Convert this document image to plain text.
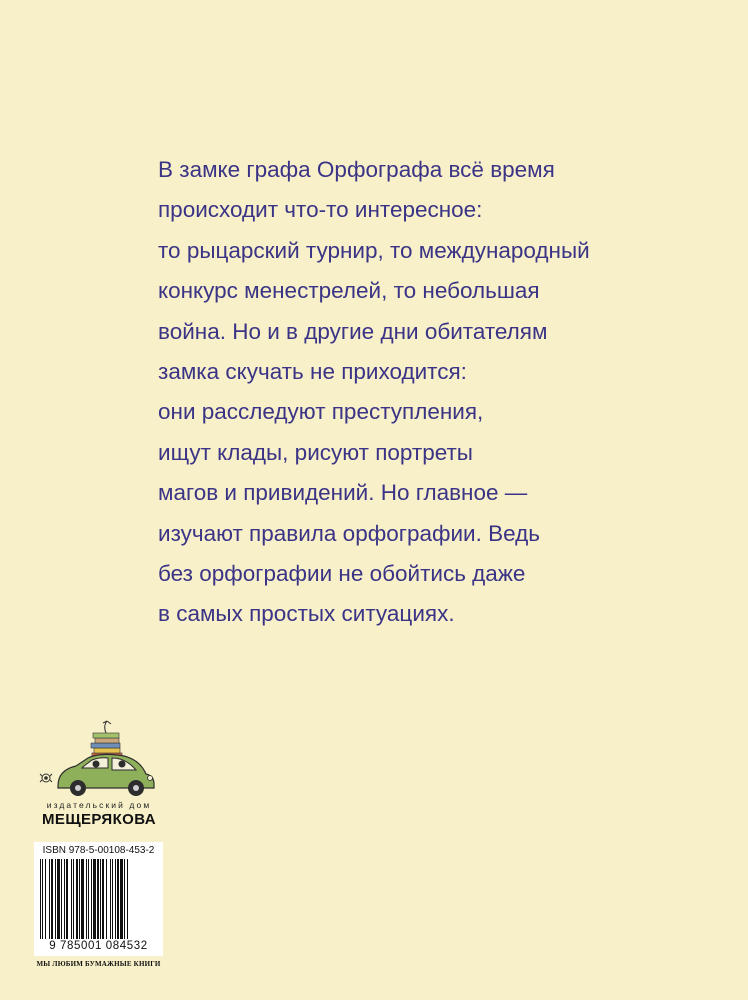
В замке графа Орфографа всё время
происходит что-то интересное:
то рыцарский турнир, то международный
конкурс менестрелей, то небольшая
война. Но и в другие дни обитателям
замка скучать не приходится:
они расследуют преступления,
ищут клады, рисуют портреты
магов и привидений. Но главное —
изучают правила орфографии. Ведь
без орфографии не обойтись даже
в самых простых ситуациях.
издательский дом
МЕЩЕРЯКОВА
ISBN 978-5-00108-453-2
9 785001 084532
МЫ ЛЮБИМ БУМАЖНЫЕ КНИГИ
